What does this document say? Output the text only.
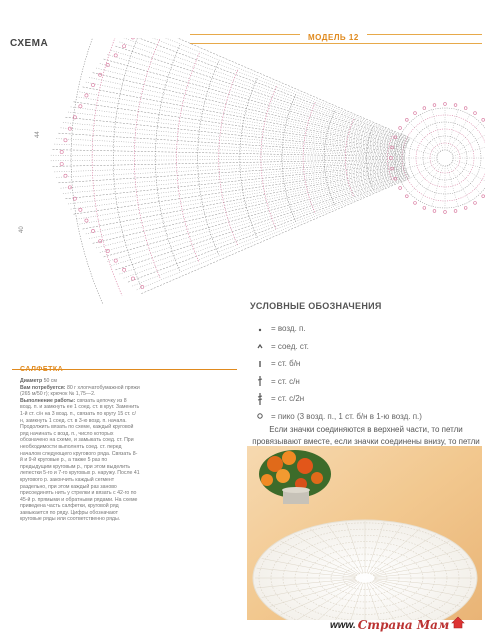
СХЕМА
МОДЕЛЬ 12
40
44
УСЛОВНЫЕ ОБОЗНАЧЕНИЯ
= возд. п.
= соед. ст.
= ст. б/н
= ст. с/н
= ст. с/2н
= пико (3 возд. п., 1 ст. б/н в 1-ю возд. п.)
Если значки соединяются в верхней части, то петли провязывают вместе, если значки соединены внизу, то петли
САЛФЕТКА
Диаметр 50 см
Вам потребуется: 80 г хлопчатобумажной пряжи (265 м/50 г); крючок № 1,75—2.
Выполнение работы: связать цепочку из 8 возд. п. и замкнуть ее 1 соед. ст. в круг. Заменить 1-й ст. с/н на 3 возд. п., связать по кругу 15 ст. с/н, замкнуть 1 соед. ст. в 3-ю возд. п. начала. Продолжить вязать по схеме, каждый круговой ряд начинать с возд. п., число которых обозначено на схеме, и замыкать соед. ст. При необходимости выполнять соед. ст. перед началом следующего кругового ряда. Связать 8-й и 9-й круговые р., а также 5 раз по предыдущим круговым р., при этом выделить лепестки 5-го и 7-го круговых р. наружу. После 41 кругового р. закончить каждый сегмент раздельно, при этом каждый раз заново присоединять нить у стрелки и вязать с 42-го по 45-й р. прямыми и обратными рядами. На схеме приведена часть салфетки, круговой ряд замыкается по ряду. Цифры обозначают круговые ряды или соответственно ряды.
www. Страна Мам
